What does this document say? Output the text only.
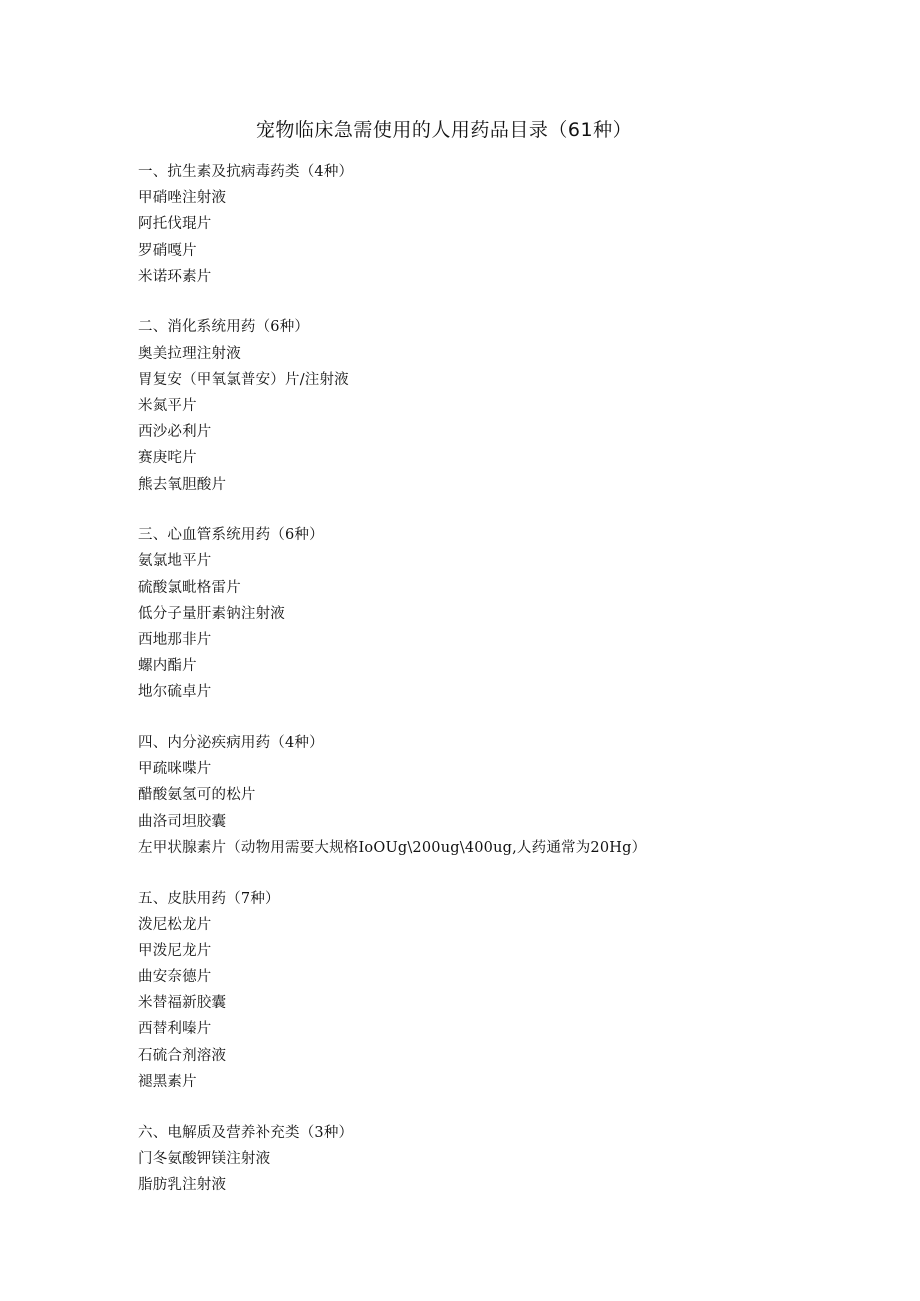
宠物临床急需使用的人用药品目录（61种）
一、抗生素及抗病毒药类（4种）
甲硝唑注射液
阿托伐琨片
罗硝嘎片
米诺环素片
二、消化系统用药（6种）
奥美拉理注射液
胃复安（甲氧氯普安）片/注射液
米氮平片
西沙必利片
赛庚咤片
熊去氧胆酸片
三、心血管系统用药（6种）
氨氯地平片
硫酸氯毗格雷片
低分子量肝素钠注射液
西地那非片
螺内酯片
地尔硫卓片
四、内分泌疾病用药（4种）
甲疏咪喋片
醋酸氨氢可的松片
曲洛司坦胶囊
左甲状腺素片（动物用需要大规格IoOUg\200ug\400ug,人药通常为20Hg）
五、皮肤用药（7种）
泼尼松龙片
甲泼尼龙片
曲安奈德片
米替福新胶囊
西替利嗪片
石硫合剂溶液
褪黑素片
六、电解质及营养补充类（3种）
门冬氨酸钾镁注射液
脂肪乳注射液
